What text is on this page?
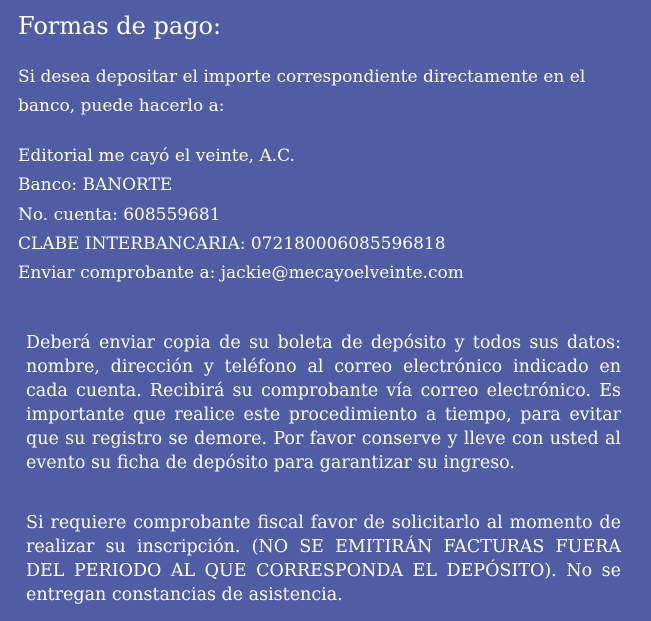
Formas de pago:

Si desea depositar el importe correspondiente directamente en el banco, puede hacerlo a:

Editorial me cayó el veinte, A.C.
Banco: BANORTE
No. cuenta: 608559681
CLABE INTERBANCARIA: 072180006085596818
Enviar comprobante a: jackie@mecayoelveinte.com

Deberá enviar copia de su boleta de depósito y todos sus datos: nombre, dirección y teléfono al correo electrónico indicado en cada cuenta. Recibirá su comprobante vía correo electrónico. Es importante que realice este procedimiento a tiempo, para evitar que su registro se demore. Por favor conserve y lleve con usted al evento su ficha de depósito para garantizar su ingreso.

Si requiere comprobante fiscal favor de solicitarlo al momento de realizar su inscripción. (NO SE EMITIRÁN FACTURAS FUERA DEL PERIODO AL QUE CORRESPONDA EL DEPÓSITO). No se entregan constancias de asistencia.
